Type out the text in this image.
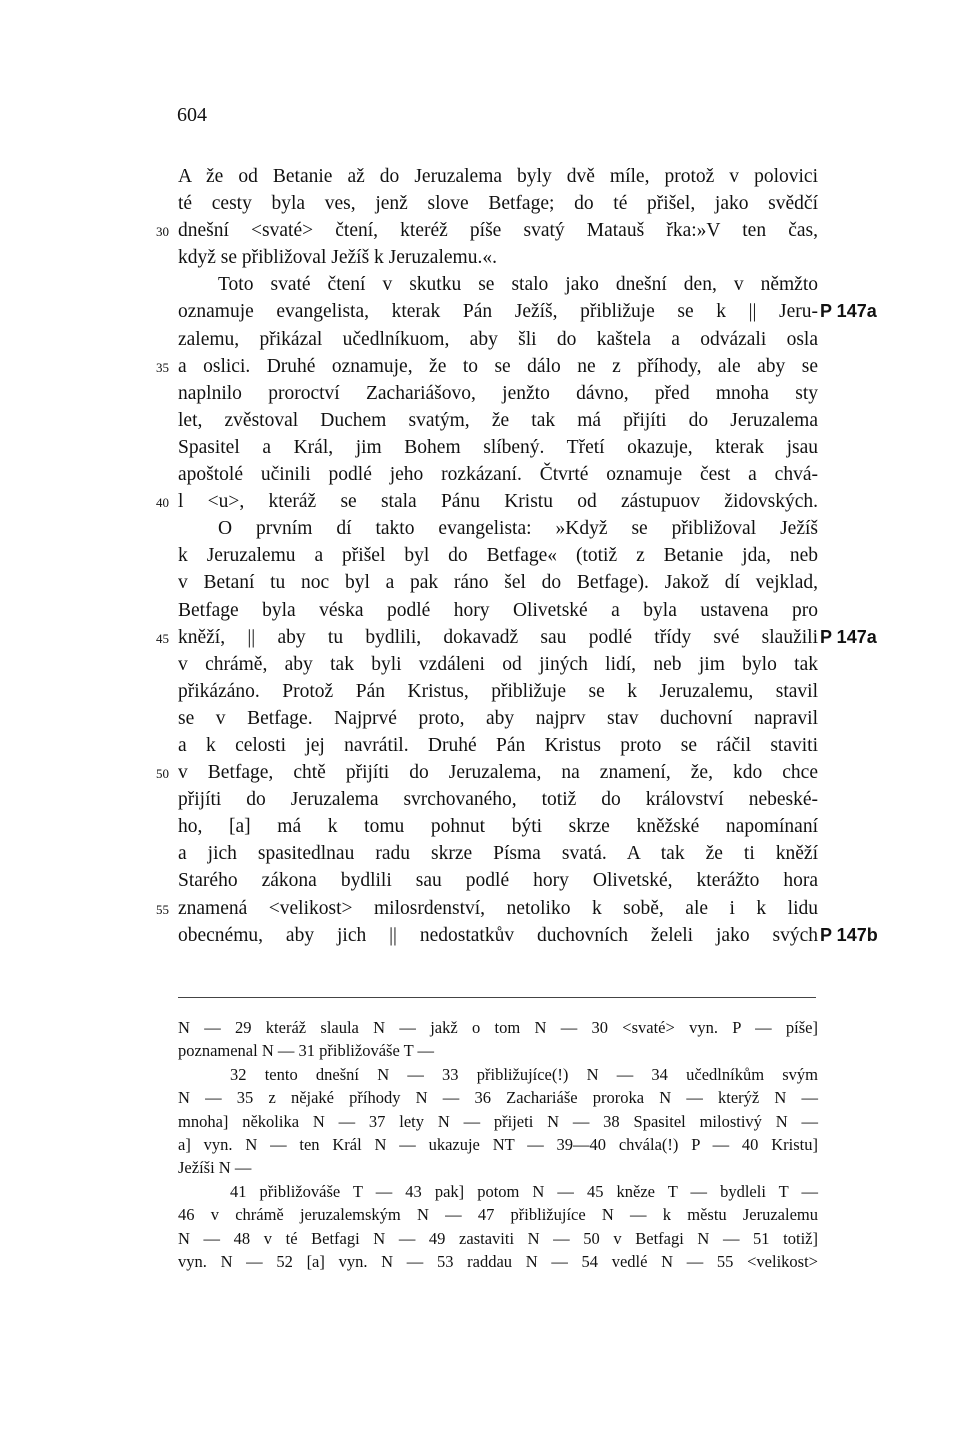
604
A že od Betanie až do Jeruzalema byly dvě míle, protož v polovici
té cesty byla ves, jenž slove Betfage; do té přišel, jako svědčí
30 dnešní <svaté> čtení, kteréž píše svatý Matauš řka:»V ten čas,
když se přibližoval Ježíš k Jeruzalemu.«.
Toto svaté čtení v skutku se stalo jako dnešní den, v němžto
oznamuje evangelista, kterak Pán Ježíš, přibližuje se k || Jeru- P 147a
zalemu, přikázal učedlníkuom, aby šli do kaštela a odvázali osla
35 a oslici. Druhé oznamuje, že to se dálo ne z příhody, ale aby se
naplnilo proroctví Zachariášovo, jenžto dávno, před mnoha sty
let, zvěstoval Duchem svatým, že tak má přijíti do Jeruzalema
Spasitel a Král, jim Bohem slíbený. Třetí okazuje, kterak jsau
apoštolé učinili podlé jeho rozkázaní. Čtvrté oznamuje čest a chvá-
40 l <u>, kteráž se stala Pánu Kristu od zástupuov židovských.
O prvním dí takto evangelista: »Když se přibližoval Ježíš
k Jeruzalemu a přišel byl do Betfage« (totiž z Betanie jda, neb
v Betaní tu noc byl a pak ráno šel do Betfage). Jakož dí vejklad,
Betfage byla véska podlé hory Olivetské a byla ustavena pro
45 kněží, || aby tu bydlili, dokavadž sau podlé třídy své slaužili P 147a
v chrámě, aby tak byli vzdáleni od jiných lidí, neb jim bylo tak
přikázáno. Protož Pán Kristus, přibližuje se k Jeruzalemu, stavil
se v Betfage. Najprvé proto, aby najprv stav duchovní napravil
a k celosti jej navrátil. Druhé Pán Kristus proto se ráčil staviti
50 v Betfage, chtě přijíti do Jeruzalema, na znamení, že, kdo chce
přijíti do Jeruzalema svrchovaného, totiž do království nebeské-
ho, [a] má k tomu pohnut býti skrze kněžské napomínaní
a jich spasitedlnau radu skrze Písma svatá. A tak že ti kněží
Starého zákona bydlili sau podlé hory Olivetské, kterážto hora
55 znamená <velikost> milosrdenství, netoliko k sobě, ale i k lidu
obecnému, aby jich || nedostatkův duchovních želeli jako svých P 147b
N — 29 kteráž slaula N — jakž o tom N — 30 <svaté> vyn. P — píše]
poznamenal N — 31 přibližováše T —
32 tento dnešní N — 33 přibližujíce(!) N — 34 učedlníkům svým
N — 35 z nějaké příhody N — 36 Zachariáše proroka N — kterýž N —
mnoha] několika N — 37 lety N — přijeti N — 38 Spasitel milostivý N —
a] vyn. N — ten Král N — ukazuje NT — 39—40 chvála(!) P — 40 Kristu]
Ježíši N —
41 přibližováše T — 43 pak] potom N — 45 kněze T — bydleli T —
46 v chrámě jeruzalemským N — 47 přibližujíce N — k městu Jeruzalemu
N — 48 v té Betfagi N — 49 zastaviti N — 50 v Betfagi N — 51 totiž]
vyn. N — 52 [a] vyn. N — 53 raddau N — 54 vedlé N — 55 <velikost>
